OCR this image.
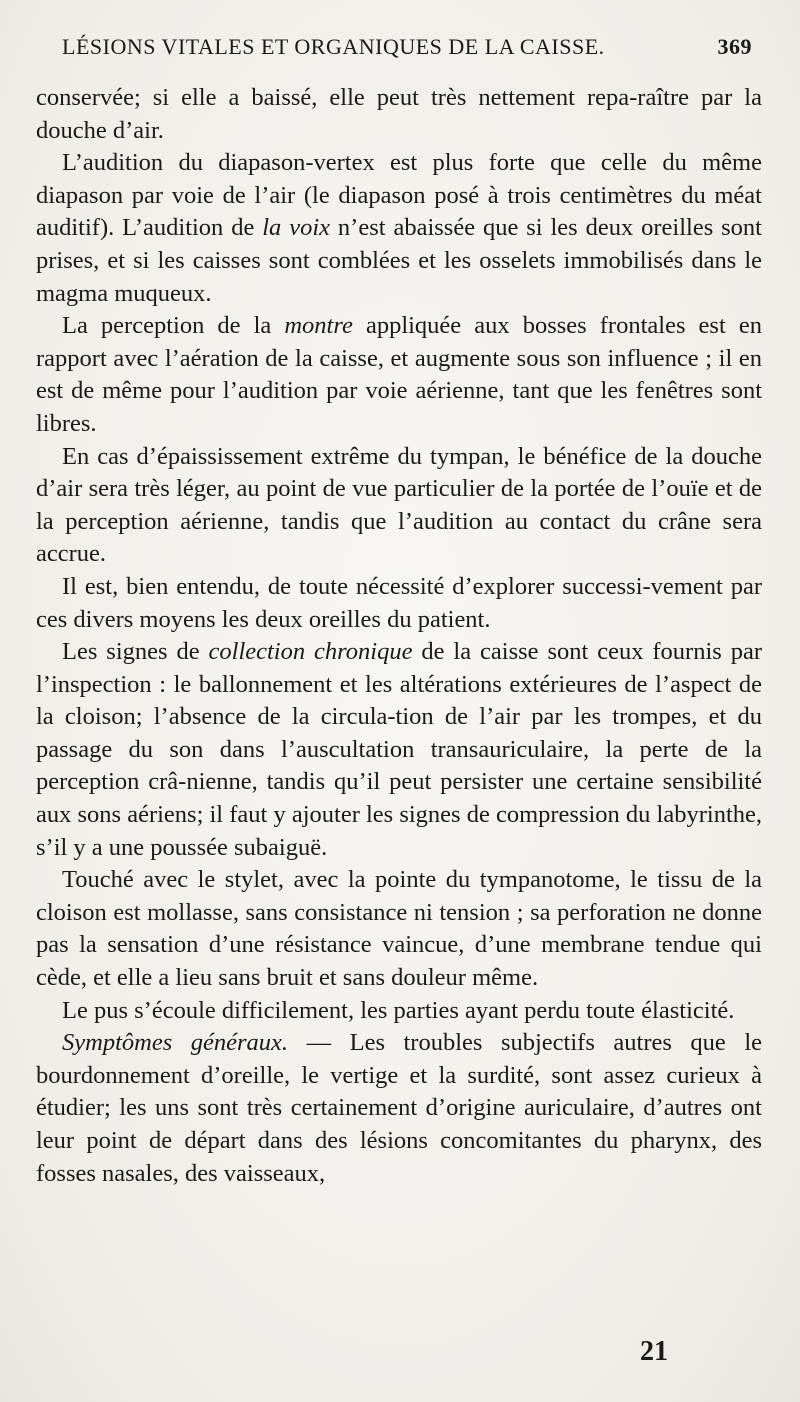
LÉSIONS VITALES ET ORGANIQUES DE LA CAISSE.	369

conservée; si elle a baissé, elle peut très nettement repa-raître par la douche d’air.

L’audition du diapason-vertex est plus forte que celle du même diapason par voie de l’air (le diapason posé à trois centimètres du méat auditif). L’audition de la voix n’est abaissée que si les deux oreilles sont prises, et si les caisses sont comblées et les osselets immobilisés dans le magma muqueux.

La perception de la montre appliquée aux bosses frontales est en rapport avec l’aération de la caisse, et augmente sous son influence ; il en est de même pour l’audition par voie aérienne, tant que les fenêtres sont libres.

En cas d’épaississement extrême du tympan, le bénéfice de la douche d’air sera très léger, au point de vue particulier de la portée de l’ouïe et de la perception aérienne, tandis que l’audition au contact du crâne sera accrue.

Il est, bien entendu, de toute nécessité d’explorer successi-vement par ces divers moyens les deux oreilles du patient.

Les signes de collection chronique de la caisse sont ceux fournis par l’inspection : le ballonnement et les altérations extérieures de l’aspect de la cloison; l’absence de la circula-tion de l’air par les trompes, et du passage du son dans l’auscultation transauriculaire, la perte de la perception crâ-nienne, tandis qu’il peut persister une certaine sensibilité aux sons aériens; il faut y ajouter les signes de compression du labyrinthe, s’il y a une poussée subaiguë.

Touché avec le stylet, avec la pointe du tympanotome, le tissu de la cloison est mollasse, sans consistance ni tension ; sa perforation ne donne pas la sensation d’une résistance vaincue, d’une membrane tendue qui cède, et elle a lieu sans bruit et sans douleur même.

Le pus s’écoule difficilement, les parties ayant perdu toute élasticité.

Symptômes généraux. — Les troubles subjectifs autres que le bourdonnement d’oreille, le vertige et la surdité, sont assez curieux à étudier; les uns sont très certainement d’origine auriculaire, d’autres ont leur point de départ dans des lésions concomitantes du pharynx, des fosses nasales, des vaisseaux,

21
